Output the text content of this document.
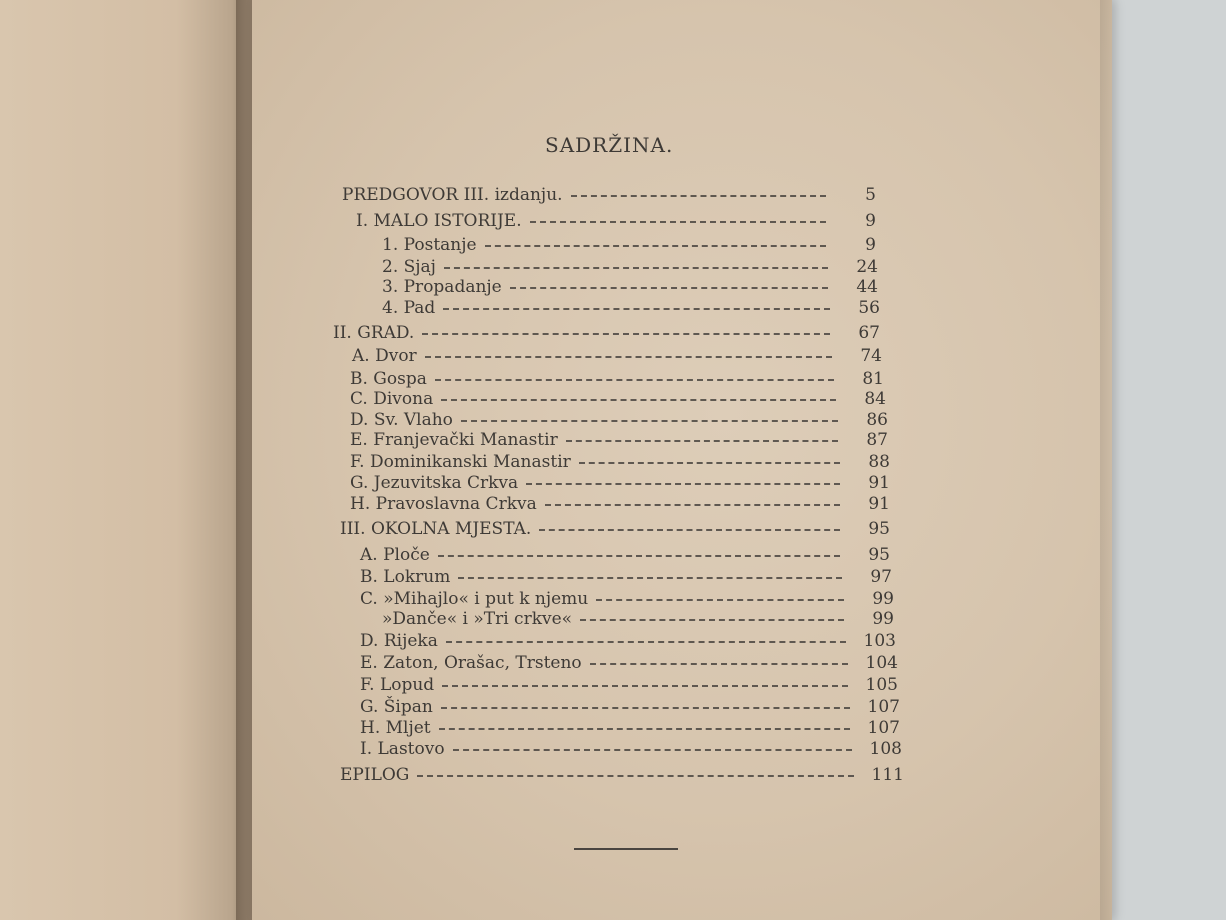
SADRŽINA.
PREDGOVOR III. izdanju.	5
I. MALO ISTORIJE.	9
1. Postanje	9
2. Sjaj	24
3. Propadanje	44
4. Pad	56
II. GRAD.	67
A. Dvor	74
B. Gospa	81
C. Divona	84
D. Sv. Vlaho	86
E. Franjevački Manastir	87
F. Dominikanski Manastir	88
G. Jezuvitska Crkva	91
H. Pravoslavna Crkva	91
III. OKOLNA MJESTA.	95
A. Ploče	95
B. Lokrum	97
C. »Mihajlo« i put k njemu	99
»Danče« i »Tri crkve«	99
D. Rijeka	103
E. Zaton, Orašac, Trsteno	104
F. Lopud	105
G. Šipan	107
H. Mljet	107
I. Lastovo	108
EPILOG	111
